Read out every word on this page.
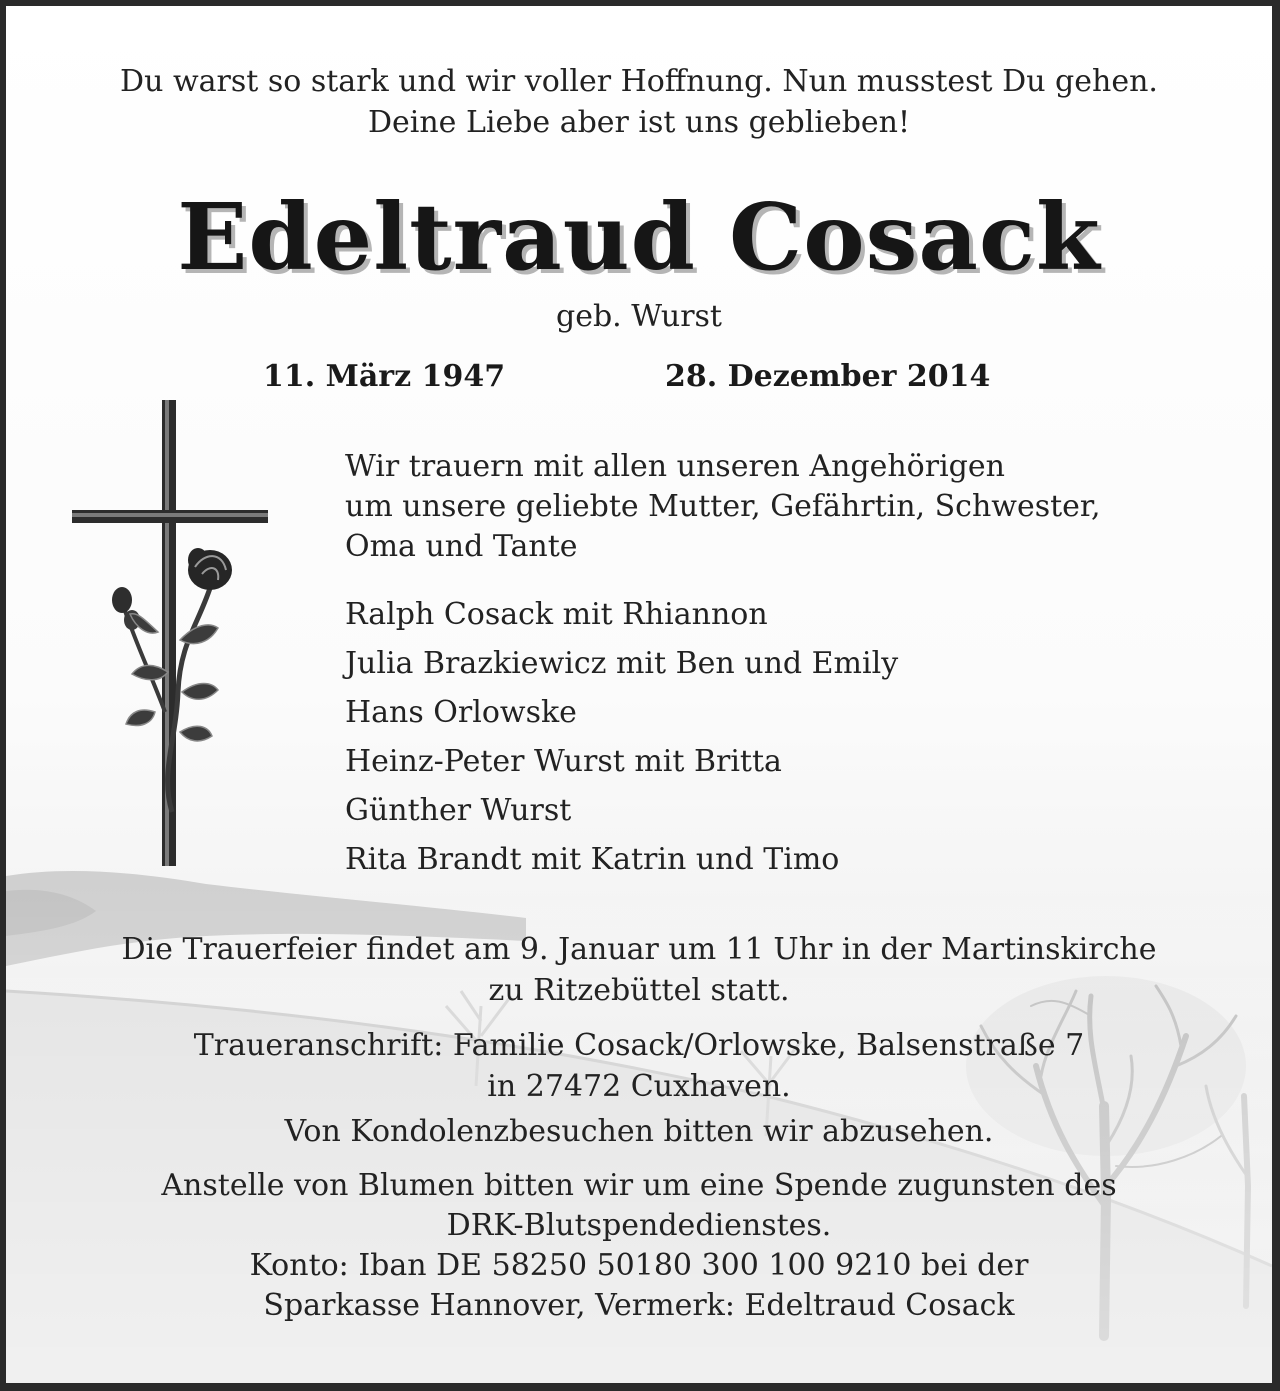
Du warst so stark und wir voller Hoffnung. Nun musstest Du gehen.
Deine Liebe aber ist uns geblieben!
Edeltraud Cosack
geb. Wurst
11. März 1947	28. Dezember 2014
Wir trauern mit allen unseren Angehörigen
um unsere geliebte Mutter, Gefährtin, Schwester,
Oma und Tante
Ralph Cosack mit Rhiannon
Julia Brazkiewicz mit Ben und Emily
Hans Orlowske
Heinz-Peter Wurst mit Britta
Günther Wurst
Rita Brandt mit Katrin und Timo
Die Trauerfeier findet am 9. Januar um 11 Uhr in der Martinskirche
zu Ritzebüttel statt.
Traueranschrift: Familie Cosack/Orlowske, Balsenstraße 7
in 27472 Cuxhaven.
Von Kondolenzbesuchen bitten wir abzusehen.
Anstelle von Blumen bitten wir um eine Spende zugunsten des
DRK-Blutspendedienstes.
Konto: Iban DE 58250 50180 300 100 9210 bei der
Sparkasse Hannover, Vermerk: Edeltraud Cosack
